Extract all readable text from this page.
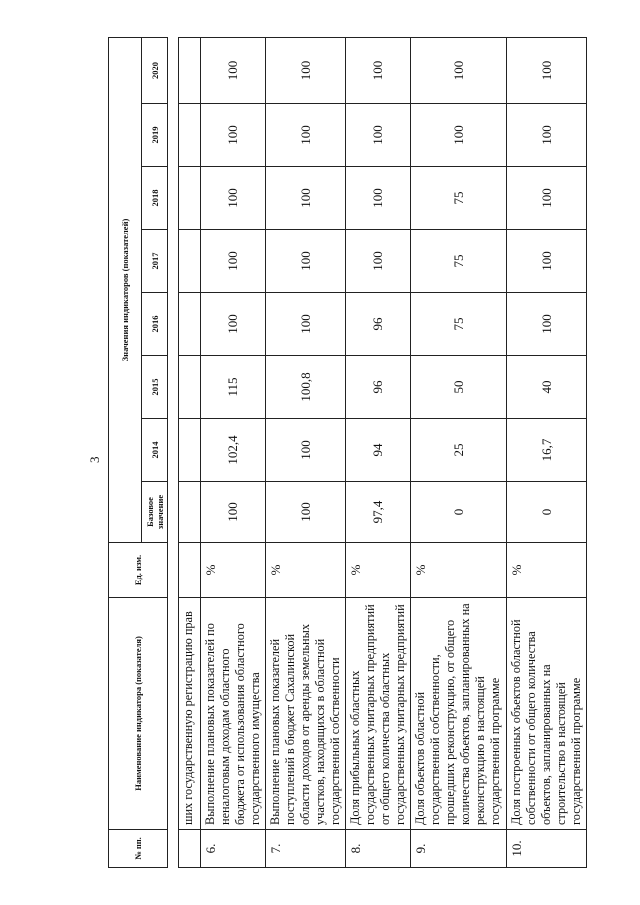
3
№ пп.	Наименование индикатора (показателя)	Ед. изм.	Значения индикаторов (показателей)							
			Базовое значение	2014	2015	2016	2017	2018	2019	2020

	ших государственную регистрацию прав									
6.	Выполнение плановых показателей по неналоговым доходам областного бюджета от использования областного государственного имущества	%	100	102,4	115	100	100	100	100	100
7.	Выполнение плановых показателей поступлений в бюджет Сахалинской области доходов от аренды земельных участков, находящихся в областной государственной собственности	%	100	100	100,8	100	100	100	100	100
8.	Доля прибыльных областных государственных унитарных предприятий от общего количества областных государственных унитарных предприятий	%	97,4	94	96	96	100	100	100	100
9.	Доля объектов областной государственной собственности, прошедших реконструкцию, от общего количества объектов, запланированных на реконструкцию в настоящей государственной программе	%	0	25	50	75	75	75	100	100
10.	Доля построенных объектов областной собственности от общего количества объектов, запланированных на строительство в настоящей государственной программе	%	0	16,7	40	100	100	100	100	100
